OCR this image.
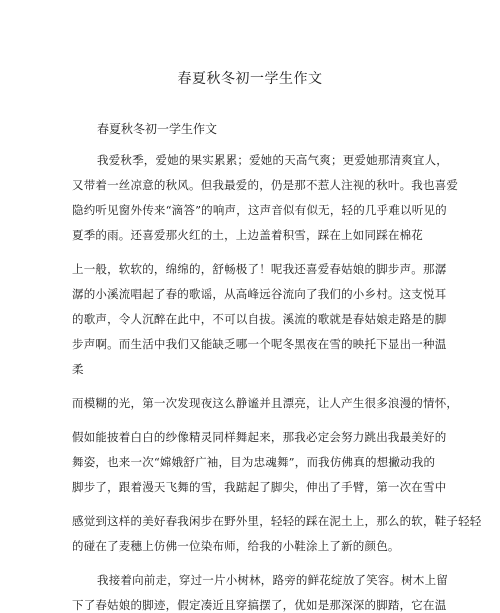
春夏秋冬初一学生作文
春夏秋冬初一学生作文
我爱秋季，爱她的果实累累；爱她的天高气爽；更爱她那清爽宜人，
又带着一丝凉意的秋风。但我最爱的，仍是那不惹人注视的秋叶。我也喜爱
隐约听见窗外传来“滴答”的响声，这声音似有似无，轻的几乎难以听见的
夏季的雨。还喜爱那火红的土，上边盖着积雪，踩在上如同踩在棉花
上一般，软软的，绵绵的，舒畅极了！呢我还喜爱春姑娘的脚步声。那潺
潺的小溪流唱起了春的歌谣，从高峰远谷流向了我们的小乡村。这支悦耳
的歌声，令人沉醉在此中，不可以自拔。溪流的歌就是春姑娘走路是的脚
步声啊。而生活中我们又能缺乏哪一个呢冬黑夜在雪的映托下显出一种温
柔
而模糊的光，第一次发现夜这么静谧并且漂亮，让人产生很多浪漫的情怀，
假如能披着白白的纱像精灵同样舞起来，那我必定会努力跳出我最美好的
舞姿，也来一次“嫦娥舒广袖，目为忠魂舞”，而我仿佛真的想撇动我的
脚步了，跟着漫天飞舞的雪，我踮起了脚尖，伸出了手臂，第一次在雪中
感觉到这样的美好春我闲步在野外里，轻轻的踩在泥土上，那么的软，鞋子轻轻
的碰在了麦穗上仿佛一位染布师，给我的小鞋涂上了新的颜色。
我接着向前走，穿过一片小树林，路旁的鲜花绽放了笑容。树木上留
下了春姑娘的脚迹，假定凑近且穿搞摆了，优如是那深深的脚踏，它在温
